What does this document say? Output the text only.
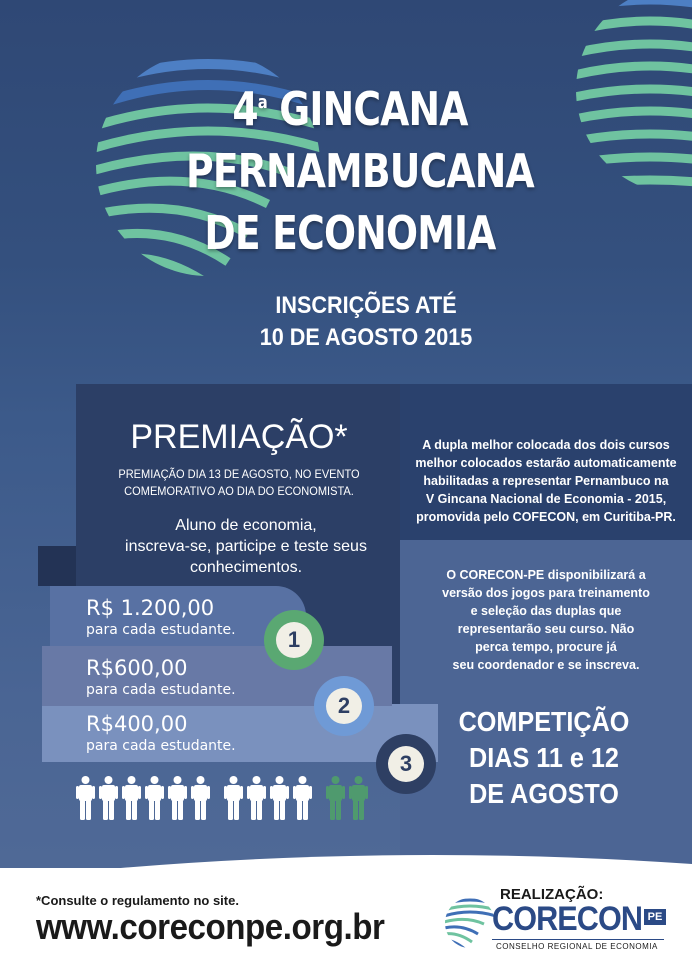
4$^a$ GINCANA
PERNAMBUCANA
DE ECONOMIA
INSCRIÇÕES ATÉ
10 DE AGOSTO 2015
PREMIAÇÃO*
PREMIAÇÃO DIA 13 DE AGOSTO, NO EVENTO
COMEMORATIVO AO DIA DO ECONOMISTA.
Aluno de economia,
inscreva-se, participe e teste seus
conhecimentos.
R$ 1.200,00
para cada estudante.
R$600,00
para cada estudante.
R$400,00
para cada estudante.
1
2
3
A dupla melhor colocada dos dois cursos
melhor colocados estarão automaticamente
habilitadas a representar Pernambuco na
V Gincana Nacional de Economia - 2015,
promovida pelo COFECON, em Curitiba-PR.
O CORECON-PE disponibilizará a
versão dos jogos para treinamento
e seleção das duplas que
representarão seu curso. Não
perca tempo, procure já
seu coordenador e se inscreva.
COMPETIÇÃO
DIAS 11 e 12
DE AGOSTO
*Consulte o regulamento no site.
www.coreconpe.org.br
REALIZAÇÃO:
CORECON PE
CONSELHO REGIONAL DE ECONOMIA
